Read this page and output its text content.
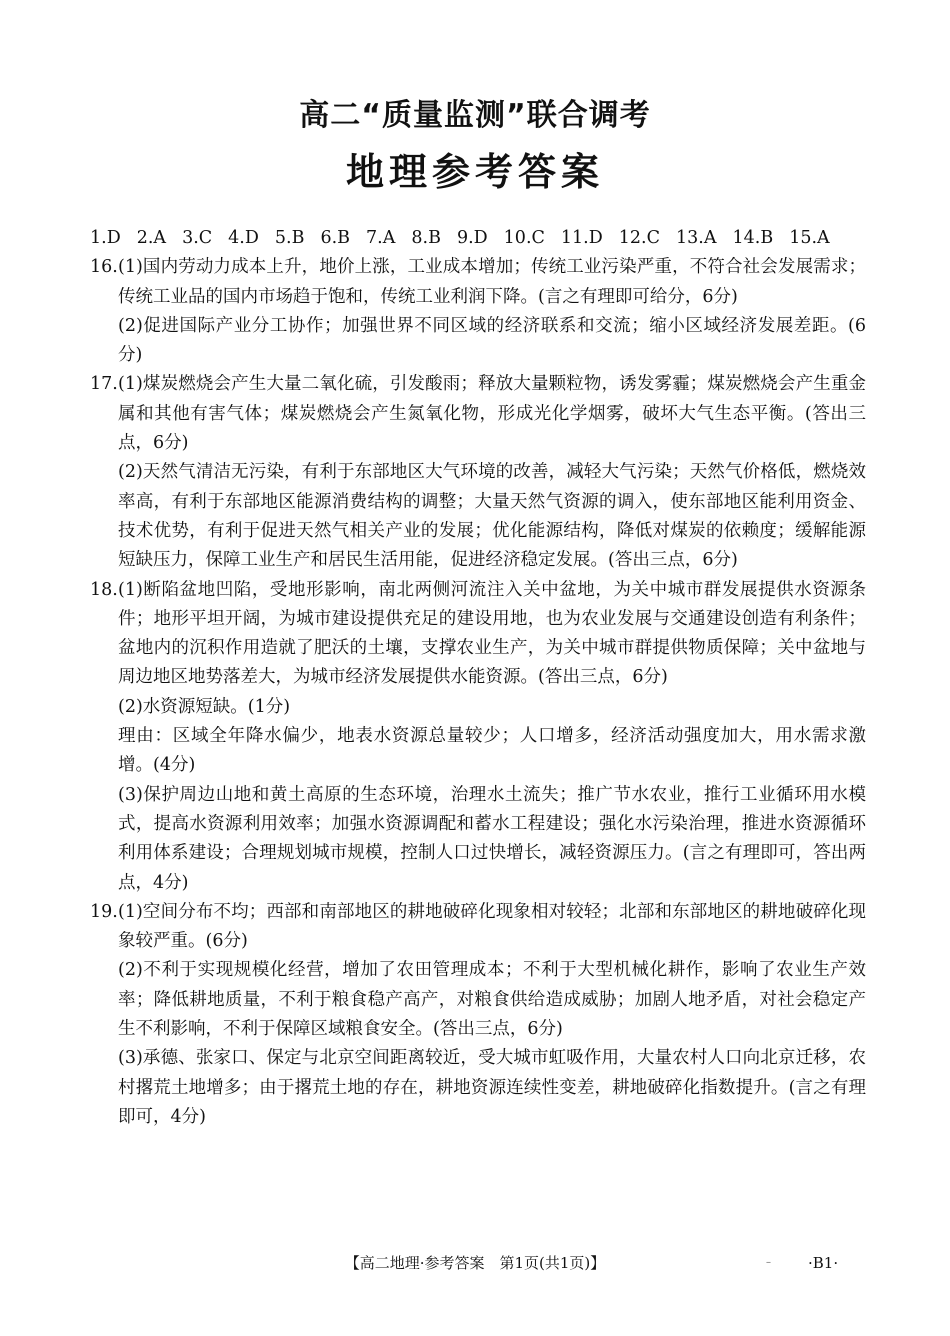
高二“质量监测”联合调考
地理参考答案
1.D 2.A 3.C 4.D 5.B 6.B 7.A 8.B 9.D 10.C 11.D 12.C 13.A 14.B 15.A
16. (1)国内劳动力成本上升，地价上涨，工业成本增加；传统工业污染严重，不符合社会发展需求；传统工业品的国内市场趋于饱和，传统工业利润下降。(言之有理即可给分，6分)

(2)促进国际产业分工协作；加强世界不同区域的经济联系和交流；缩小区域经济发展差距。(6分)

17. (1)煤炭燃烧会产生大量二氧化硫，引发酸雨；释放大量颗粒物，诱发雾霾；煤炭燃烧会产生重金属和其他有害气体；煤炭燃烧会产生氮氧化物，形成光化学烟雾，破坏大气生态平衡。(答出三点，6分)

(2)天然气清洁无污染，有利于东部地区大气环境的改善，减轻大气污染；天然气价格低，燃烧效率高，有利于东部地区能源消费结构的调整；大量天然气资源的调入，使东部地区能利用资金、技术优势，有利于促进天然气相关产业的发展；优化能源结构，降低对煤炭的依赖度；缓解能源短缺压力，保障工业生产和居民生活用能，促进经济稳定发展。(答出三点，6分)

18. (1)断陷盆地凹陷，受地形影响，南北两侧河流注入关中盆地，为关中城市群发展提供水资源条件；地形平坦开阔，为城市建设提供充足的建设用地，也为农业发展与交通建设创造有利条件；盆地内的沉积作用造就了肥沃的土壤，支撑农业生产，为关中城市群提供物质保障；关中盆地与周边地区地势落差大，为城市经济发展提供水能资源。(答出三点，6分)

(2)水资源短缺。(1分)

理由：区域全年降水偏少，地表水资源总量较少；人口增多，经济活动强度加大，用水需求激增。(4分)

(3)保护周边山地和黄土高原的生态环境，治理水土流失；推广节水农业，推行工业循环用水模式，提高水资源利用效率；加强水资源调配和蓄水工程建设；强化水污染治理，推进水资源循环利用体系建设；合理规划城市规模，控制人口过快增长，减轻资源压力。(言之有理即可，答出两点，4分)

19. (1)空间分布不均；西部和南部地区的耕地破碎化现象相对较轻；北部和东部地区的耕地破碎化现象较严重。(6分)

(2)不利于实现规模化经营，增加了农田管理成本；不利于大型机械化耕作，影响了农业生产效率；降低耕地质量，不利于粮食稳产高产，对粮食供给造成威胁；加剧人地矛盾，对社会稳定产生不利影响，不利于保障区域粮食安全。(答出三点，6分)

(3)承德、张家口、保定与北京空间距离较近，受大城市虹吸作用，大量农村人口向北京迁移，农村撂荒土地增多；由于撂荒土地的存在，耕地资源连续性变差，耕地破碎化指数提升。(言之有理即可，4分)

【高二地理·参考答案　第1页(共1页)】	– ·B1·
